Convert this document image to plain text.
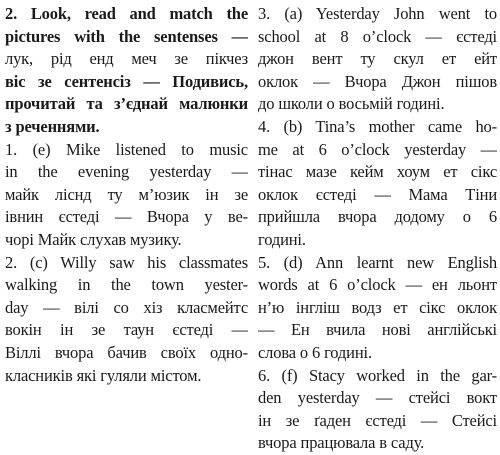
2. Look, read and match the
pictures with the sentenses —
лук, рід енд меч зе пікчез
віс зе сентенсіз — Подивись,
прочитай та з’єднай малюнки
з реченнями.
1. (e) Mike listened to music
in the evening yesterday —
майк ліснд ту м’юзик ін зе
івнин єстеді — Вчора у ве-
чорі Майк слухав музику.
2. (c) Willy saw his classmates
walking in the town yester-
day — вілі со хіз класмейтс
вокін ін зе таун єстеді —
Віллі вчора бачив своїх одно-
класників які гуляли містом.
3. (a) Yesterday John went to
school at 8 o’clock — єстеді
джон вент ту скул ет ейт
оклок — Вчора Джон пішов
до школи о восьмій годині.
4. (b) Tina’s mother came ho-
me at 6 o’clock yesterday —
тінас мазе кейм хоум ет сікс
оклок єстеді — Мама Тіни
прийшла вчора додому о 6
годині.
5. (d) Ann learnt new English
words at 6 o’clock — ен льонт
н’ю інгліш водз ет сікс оклок
— Ен вчила нові англійські
слова о 6 годині.
6. (f) Stacy worked in the gar-
den yesterday — стейсі вокт
ін зе ґаден єстеді — Стейсі
вчора працювала в саду.
